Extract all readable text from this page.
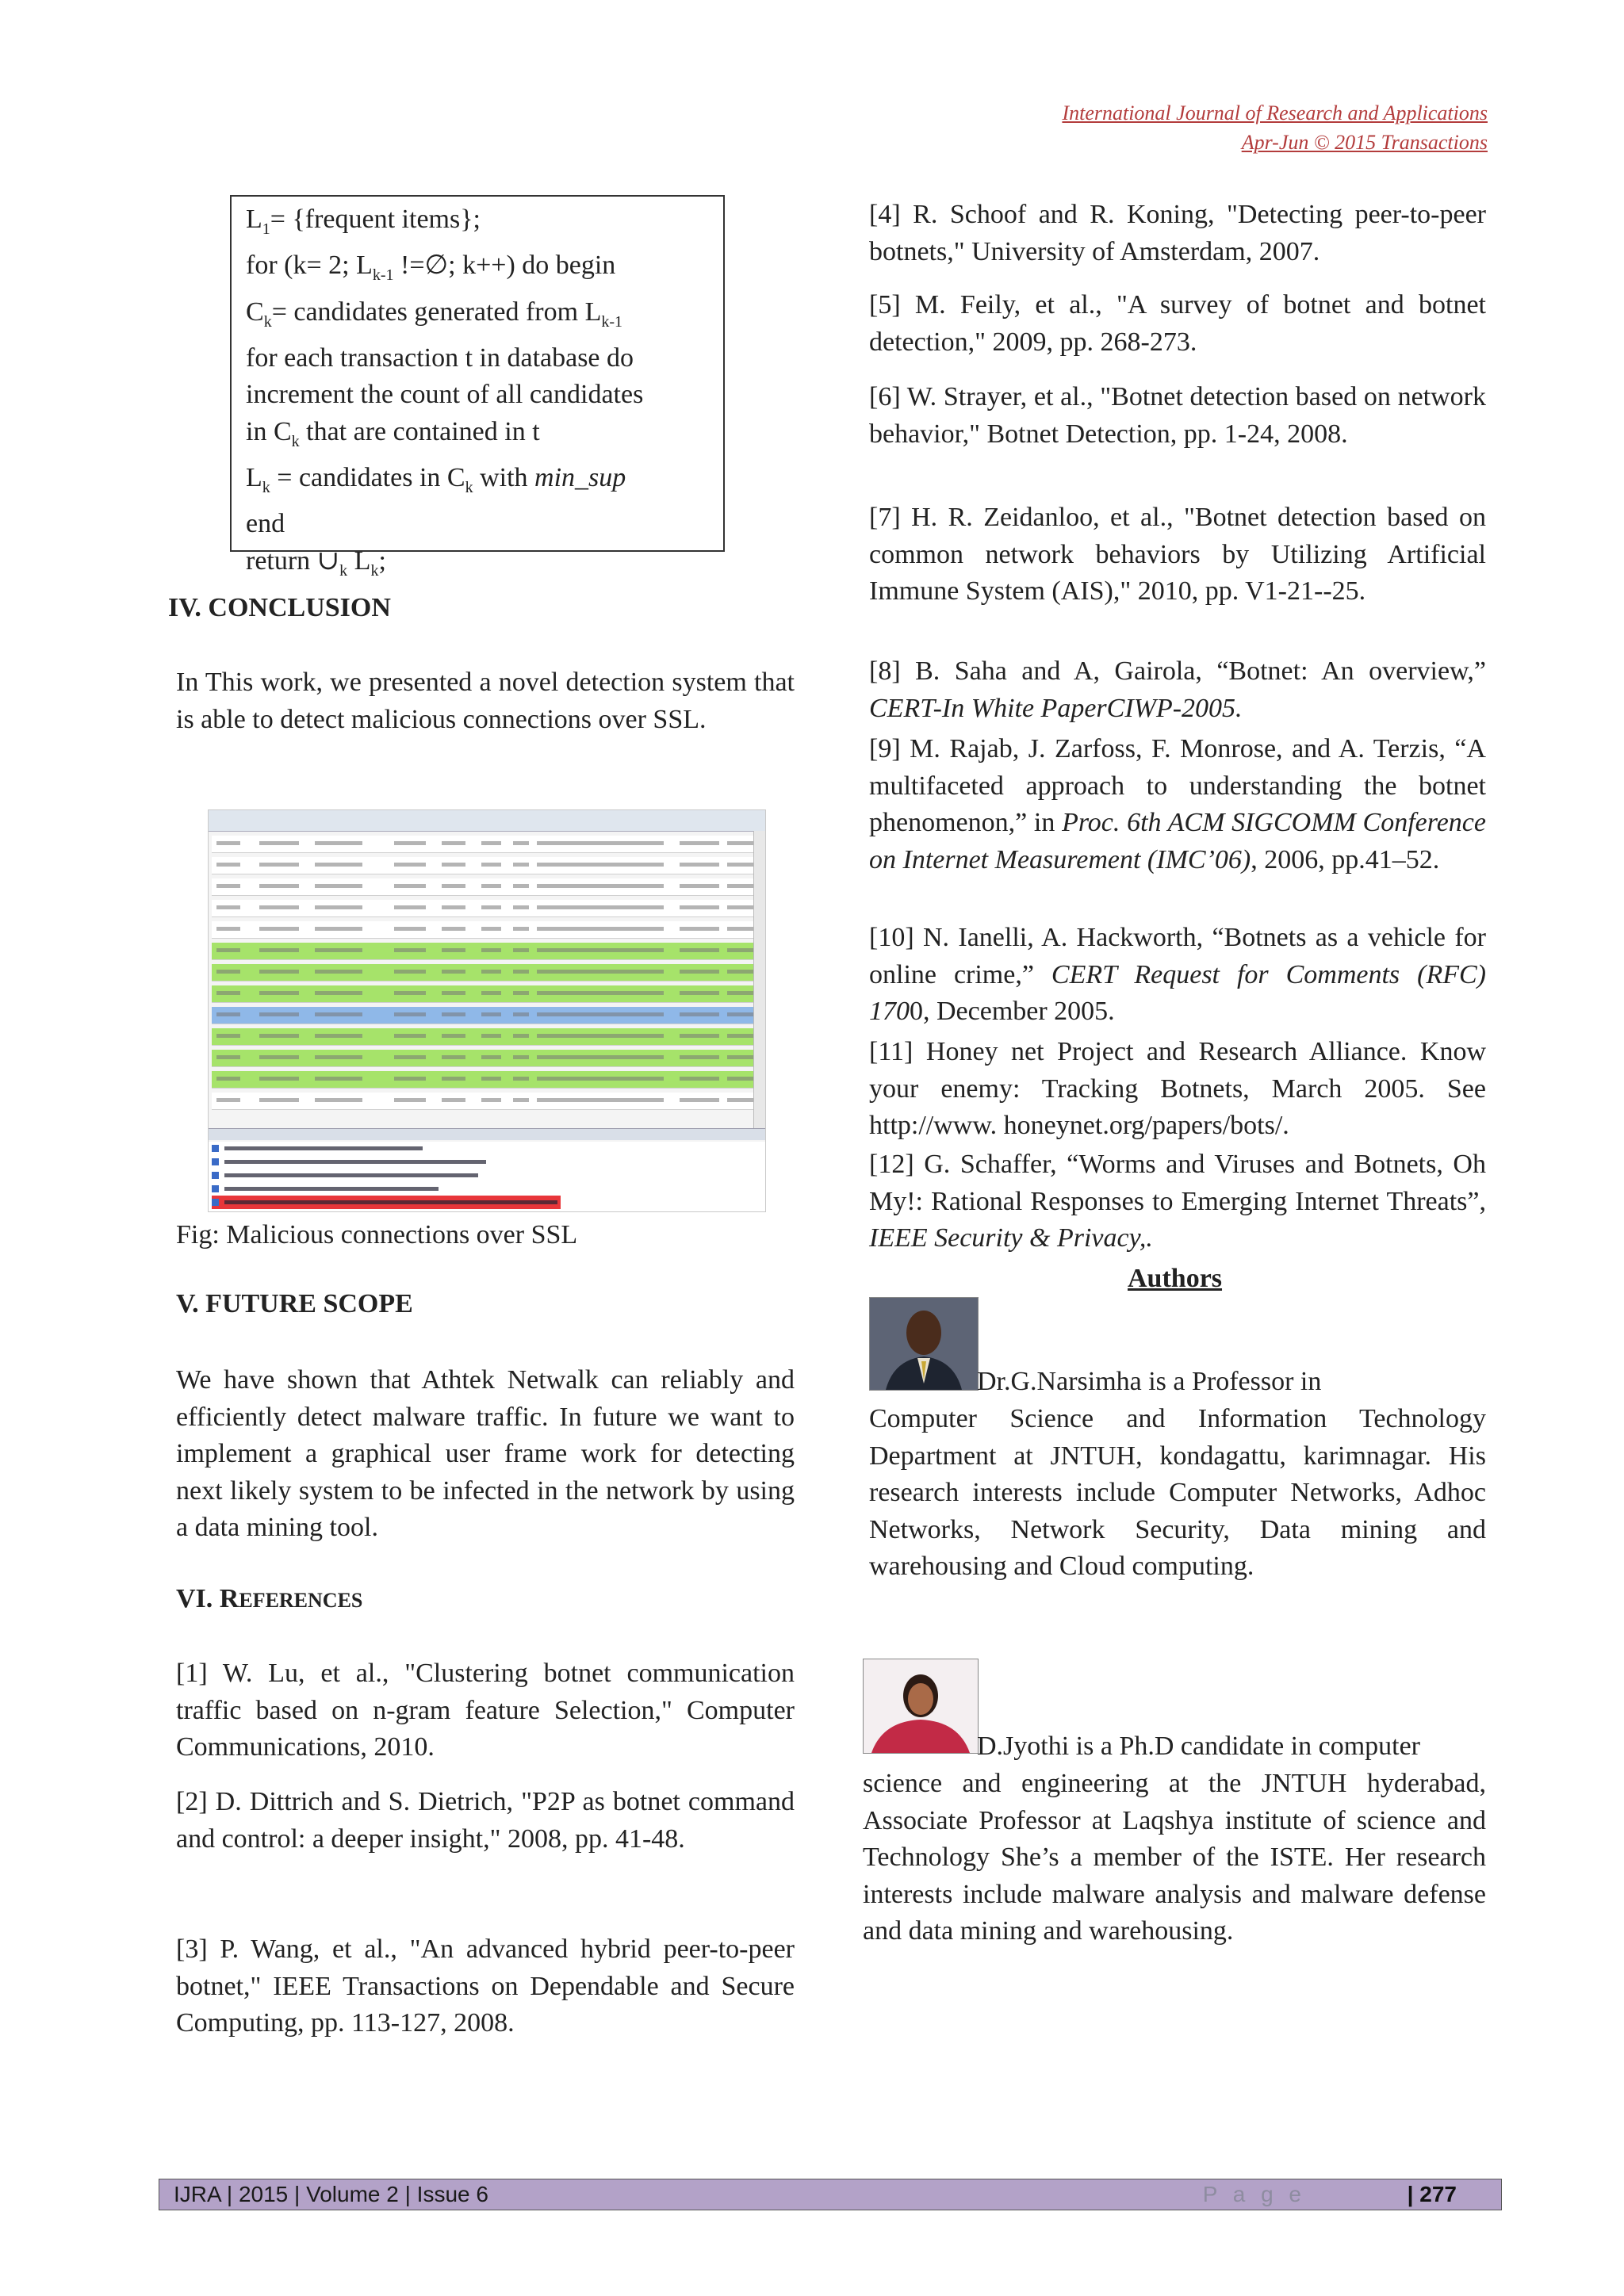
International Journal of Research and Applications
Apr-Jun © 2015 Transactions
$L_1=$ {frequent items};
for (k= 2; $L_{k-1}$ !=∅; k++) do begin
$C_k=$ candidates generated from $L_{k-1}$
for each transaction t in database do
increment the count of all candidates
in $C_k$ that are contained in t
$L_k$ = candidates in $C_k$ with min_sup
end
return $\cup_k$ $L_k$;
IV. CONCLUSION
In This work, we presented a novel detection system that is able to detect malicious connections over SSL.
Fig: Malicious connections over SSL
V. FUTURE SCOPE
We have shown that Athtek Netwalk can reliably and efficiently detect malware traffic. In future we want to implement a graphical user frame work for detecting next likely system to be infected in the network by using a data mining tool.
VI. REFERENCES
[1] W. Lu, et al., "Clustering botnet communication traffic based on n-gram feature Selection," Computer Communications, 2010.
[2] D. Dittrich and S. Dietrich, "P2P as botnet command and control: a deeper insight," 2008, pp. 41-48.
[3] P. Wang, et al., "An advanced hybrid peer-to-peer botnet," IEEE Transactions on Dependable and Secure Computing, pp. 113-127, 2008.
[4] R. Schoof and R. Koning, "Detecting peer-to-peer botnets," University of Amsterdam, 2007.
[5] M. Feily, et al., "A survey of botnet and botnet detection," 2009, pp. 268-273.
[6] W. Strayer, et al., "Botnet detection based on network behavior," Botnet Detection, pp. 1-24, 2008.
[7] H. R. Zeidanloo, et al., "Botnet detection based on common network behaviors by Utilizing Artificial Immune System (AIS)," 2010, pp. V1-21--25.
[8] B. Saha and A, Gairola, “Botnet: An overview,” CERT-In White PaperCIWP-2005.
[9] M. Rajab, J. Zarfoss, F. Monrose, and A. Terzis, “A multifaceted approach to understanding the botnet phenomenon,” in Proc. 6th ACM SIGCOMM Conference on Internet Measurement (IMC’06), 2006, pp.41–52.
[10] N. Ianelli, A. Hackworth, “Botnets as a vehicle for online crime,” CERT Request for Comments (RFC) 1700, December 2005.
[11] Honey net Project and Research Alliance. Know your enemy: Tracking Botnets, March 2005. See http://www. honeynet.org/papers/bots/.
[12] G. Schaffer, “Worms and Viruses and Botnets, Oh My!: Rational Responses to Emerging Internet Threats”, IEEE Security & Privacy,.
Authors
Dr.G.Narsimha is a Professor in
Computer Science and Information Technology Department at JNTUH, kondagattu, karimnagar. His research interests include Computer Networks, Adhoc Networks, Network Security, Data mining and warehousing and Cloud computing.
D.Jyothi is a Ph.D candidate in computer
science and engineering at the JNTUH hyderabad, Associate Professor at Laqshya institute of science and Technology She’s a member of the ISTE. Her research interests include malware analysis and malware defense and data mining and warehousing.
IJRA | 2015 | Volume 2 | Issue 6	P a g e	| 277
